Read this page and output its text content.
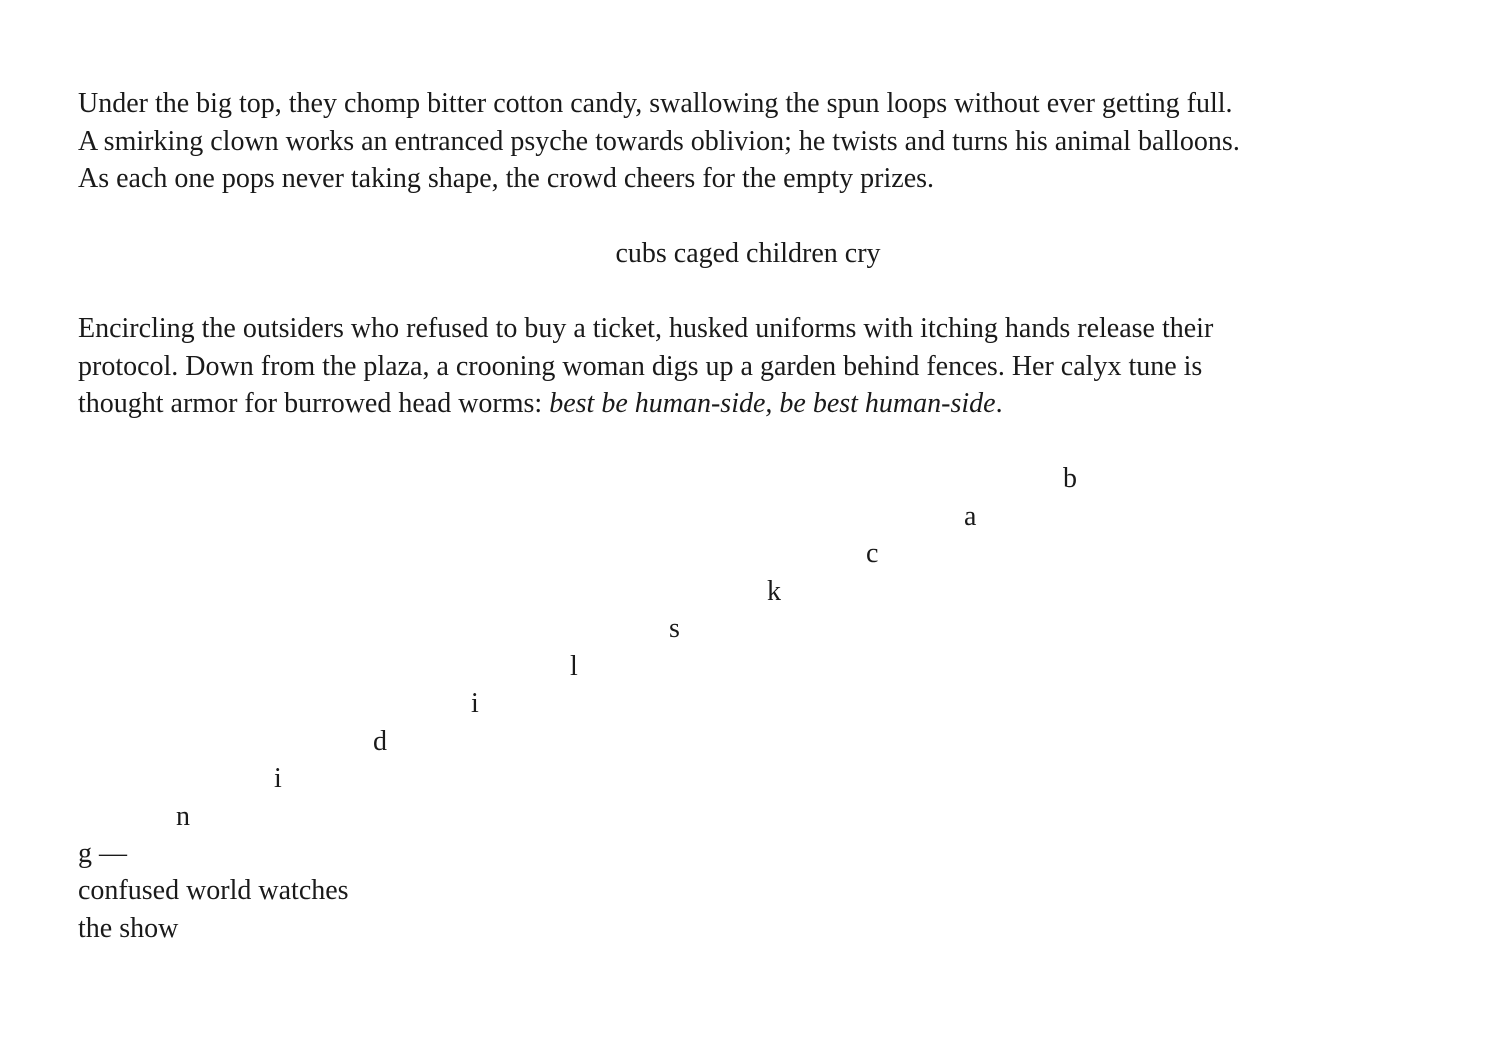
Under the big top, they chomp bitter cotton candy, swallowing the spun loops without ever getting full.
A smirking clown works an entranced psyche towards oblivion; he twists and turns his animal balloons.
As each one pops never taking shape, the crowd cheers for the empty prizes.

cubs caged children cry

Encircling the outsiders who refused to buy a ticket, husked uniforms with itching hands release their
protocol. Down from the plaza, a crooning woman digs up a garden behind fences. Her calyx tune is
thought armor for burrowed head worms: best be human-side, be best human-side.

b
a
c
k
s
l
i
d
i
n
g —
confused world watches
the show
